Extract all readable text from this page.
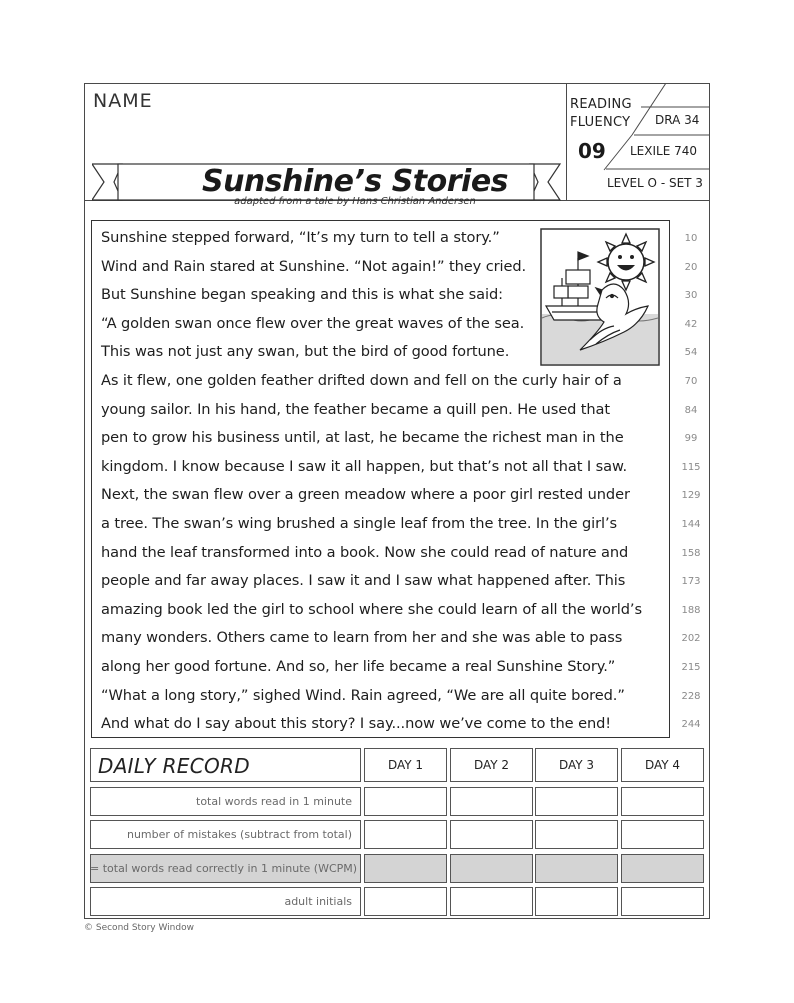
NAME	READING
FLUENCY
09
DRA 34
LEXILE 740
LEVEL O - SET 3
Sunshine’s Stories
adapted from a tale by Hans Christian Andersen
Sunshine stepped forward, “It’s my turn to tell a story.”	10
Wind and Rain stared at Sunshine. “Not again!” they cried.	20
But Sunshine began speaking and this is what she said:	30
“A golden swan once flew over the great waves of the sea.	42
This was not just any swan, but the bird of good fortune.	54
As it flew, one golden feather drifted down and fell on the curly hair of a	70
young sailor. In his hand, the feather became a quill pen. He used that	84
pen to grow his business until, at last, he became the richest man in the	99
kingdom. I know because I saw it all happen, but that’s not all that I saw.	115
Next, the swan flew over a green meadow where a poor girl rested under	129
a tree. The swan’s wing brushed a single leaf from the tree. In the girl’s	144
hand the leaf transformed into a book. Now she could read of nature and	158
people and far away places. I saw it and I saw what happened after. This	173
amazing book led the girl to school where she could learn of all the world’s	188
many wonders. Others came to learn from her and she was able to pass	202
along her good fortune. And so, her life became a real Sunshine Story.”	215
“What a long story,” sighed Wind. Rain agreed, “We are all quite bored.”	228
And what do I say about this story? I say...now we’ve come to the end!	244
DAILY RECORD	DAY 1	DAY 2	DAY 3	DAY 4
total words read in 1 minute
number of mistakes (subtract from total)
= total words read correctly in 1 minute (WCPM)
adult initials
© Second Story Window
